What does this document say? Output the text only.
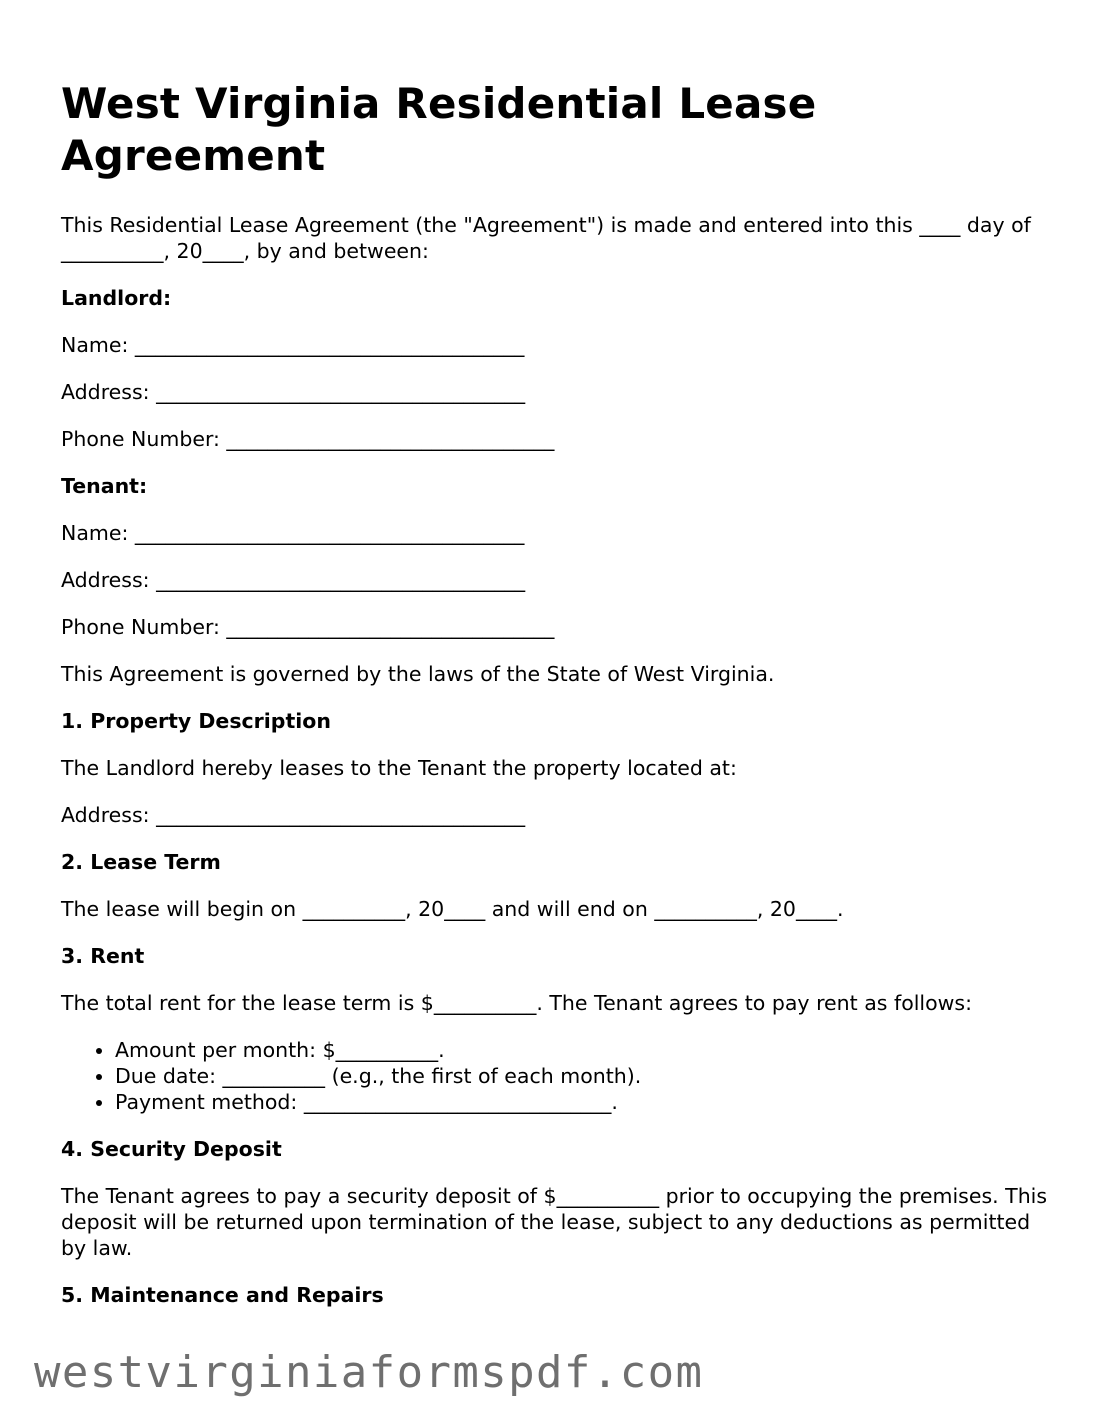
West Virginia Residential Lease Agreement

This Residential Lease Agreement (the "Agreement") is made and entered into this ____ day of __________, 20____, by and between:

Landlord:

Name: ______________________________________

Address: ____________________________________

Phone Number: ________________________________

Tenant:

Name: ______________________________________

Address: ____________________________________

Phone Number: ________________________________

This Agreement is governed by the laws of the State of West Virginia.

1. Property Description

The Landlord hereby leases to the Tenant the property located at:

Address: ____________________________________

2. Lease Term

The lease will begin on __________, 20____ and will end on __________, 20____.

3. Rent

The total rent for the lease term is $__________. The Tenant agrees to pay rent as follows:

• Amount per month: $__________.
• Due date: __________ (e.g., the first of each month).
• Payment method: ______________________________.

4. Security Deposit

The Tenant agrees to pay a security deposit of $__________ prior to occupying the premises. This deposit will be returned upon termination of the lease, subject to any deductions as permitted by law.

5. Maintenance and Repairs

westvirginiaformspdf.com
